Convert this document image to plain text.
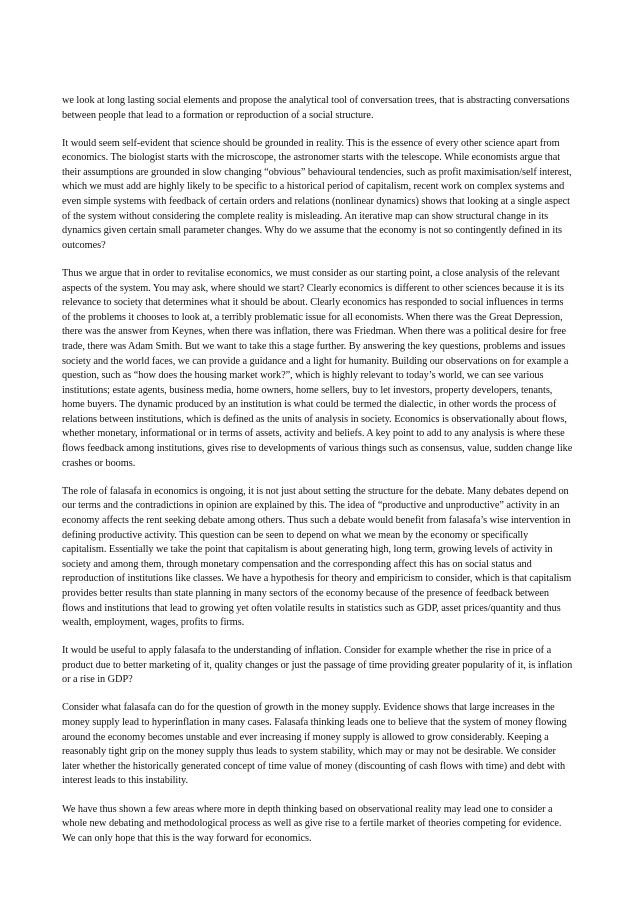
we look at long lasting social elements and propose the analytical tool of conversation trees, that is abstracting conversations between people that lead to a formation or reproduction of a social structure.

It would seem self-evident that science should be grounded in reality. This is the essence of every other science apart from economics. The biologist starts with the microscope, the astronomer starts with the telescope. While economists argue that their assumptions are grounded in slow changing “obvious” behavioural tendencies, such as profit maximisation/self interest, which we must add are highly likely to be specific to a historical period of capitalism, recent work on complex systems and even simple systems with feedback of certain orders and relations (nonlinear dynamics) shows that looking at a single aspect of the system without considering the complete reality is misleading. An iterative map can show structural change in its dynamics given certain small parameter changes. Why do we assume that the economy is not so contingently defined in its outcomes?

Thus we argue that in order to revitalise economics, we must consider as our starting point, a close analysis of the relevant aspects of the system. You may ask, where should we start? Clearly economics is different to other sciences because it is its relevance to society that determines what it should be about. Clearly economics has responded to social influences in terms of the problems it chooses to look at, a terribly problematic issue for all economists. When there was the Great Depression, there was the answer from Keynes, when there was inflation, there was Friedman. When there was a political desire for free trade, there was Adam Smith. But we want to take this a stage further. By answering the key questions, problems and issues society and the world faces, we can provide a guidance and a light for humanity. Building our observations on for example a question, such as “how does the housing market work?”, which is highly relevant to today’s world, we can see various institutions; estate agents, business media, home owners, home sellers, buy to let investors, property developers, tenants, home buyers. The dynamic produced by an institution is what could be termed the dialectic, in other words the process of relations between institutions, which is defined as the units of analysis in society. Economics is observationally about flows, whether monetary, informational or in terms of assets, activity and beliefs. A key point to add to any analysis is where these flows feedback among institutions, gives rise to developments of various things such as consensus, value, sudden change like crashes or booms.

The role of falasafa in economics is ongoing, it is not just about setting the structure for the debate. Many debates depend on our terms and the contradictions in opinion are explained by this. The idea of “productive and unproductive” activity in an economy affects the rent seeking debate among others. Thus such a debate would benefit from falasafa’s wise intervention in defining productive activity. This question can be seen to depend on what we mean by the economy or specifically capitalism. Essentially we take the point that capitalism is about generating high, long term, growing levels of activity in society and among them, through monetary compensation and the corresponding affect this has on social status and reproduction of institutions like classes. We have a hypothesis for theory and empiricism to consider, which is that capitalism provides better results than state planning in many sectors of the economy because of the presence of feedback between flows and institutions that lead to growing yet often volatile results in statistics such as GDP, asset prices/quantity and thus wealth, employment, wages, profits to firms.

It would be useful to apply falasafa to the understanding of inflation. Consider for example whether the rise in price of a product due to better marketing of it, quality changes or just the passage of time providing greater popularity of it, is inflation or a rise in GDP?

Consider what falasafa can do for the question of growth in the money supply. Evidence shows that large increases in the money supply lead to hyperinflation in many cases. Falasafa thinking leads one to believe that the system of money flowing around the economy becomes unstable and ever increasing if money supply is allowed to grow considerably. Keeping a reasonably tight grip on the money supply thus leads to system stability, which may or may not be desirable. We consider later whether the historically generated concept of time value of money (discounting of cash flows with time) and debt with interest leads to this instability.

We have thus shown a few areas where more in depth thinking based on observational reality may lead one to consider a whole new debating and methodological process as well as give rise to a fertile market of theories competing for evidence. We can only hope that this is the way forward for economics.
